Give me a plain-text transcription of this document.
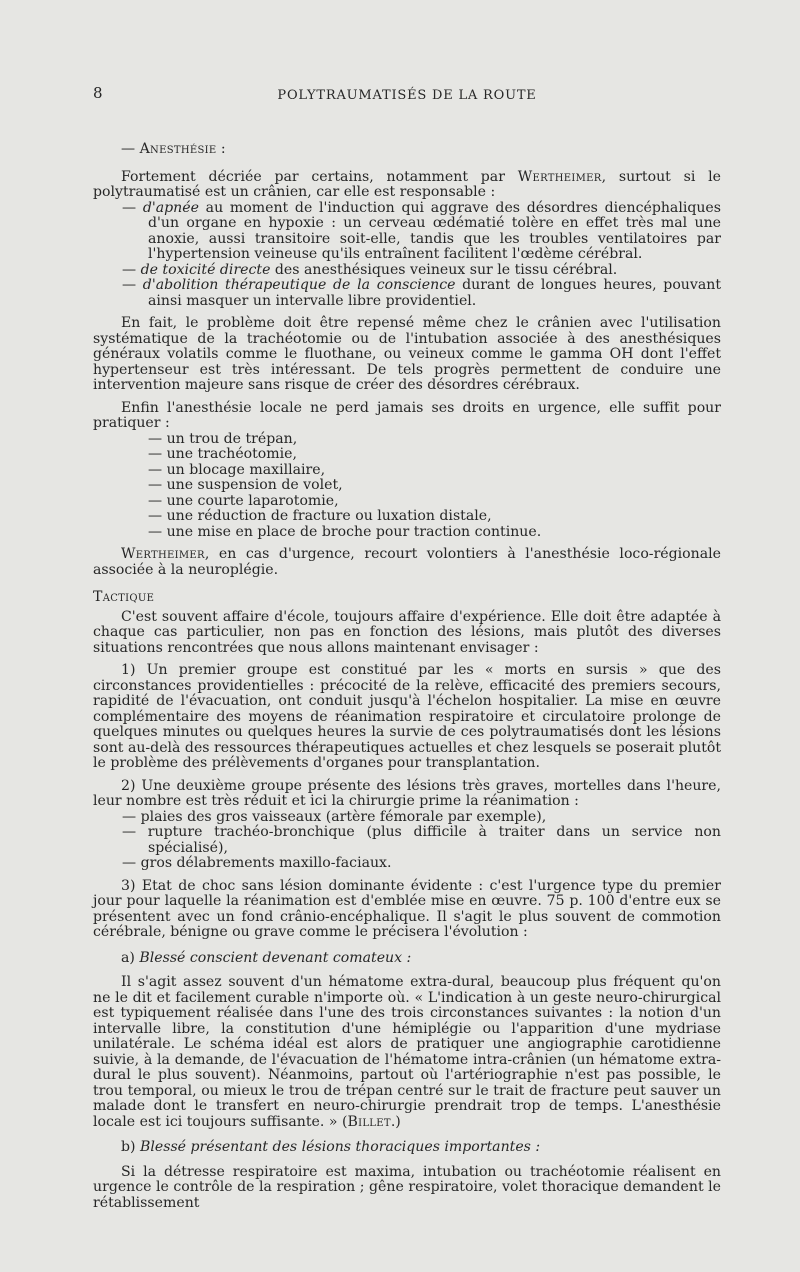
8	POLYTRAUMATISÉS DE LA ROUTE

— Anesthésie :

Fortement décriée par certains, notamment par Wertheimer, surtout si le polytraumatisé est un crânien, car elle est responsable :

— d'apnée au moment de l'induction qui aggrave des désordres diencéphaliques d'un organe en hypoxie : un cerveau œdématié tolère en effet très mal une anoxie, aussi transitoire soit-elle, tandis que les troubles ventilatoires par l'hypertension veineuse qu'ils entraînent facilitent l'œdème cérébral.

— de toxicité directe des anesthésiques veineux sur le tissu cérébral.

— d'abolition thérapeutique de la conscience durant de longues heures, pouvant ainsi masquer un intervalle libre providentiel.

En fait, le problème doit être repensé même chez le crânien avec l'utilisation systématique de la trachéotomie ou de l'intubation associée à des anesthésiques généraux volatils comme le fluothane, ou veineux comme le gamma OH dont l'effet hypertenseur est très intéressant. De tels progrès permettent de conduire une intervention majeure sans risque de créer des désordres cérébraux.

Enfin l'anesthésie locale ne perd jamais ses droits en urgence, elle suffit pour pratiquer :

— un trou de trépan,

— une trachéotomie,

— un blocage maxillaire,

— une suspension de volet,

— une courte laparotomie,

— une réduction de fracture ou luxation distale,

— une mise en place de broche pour traction continue.

Wertheimer, en cas d'urgence, recourt volontiers à l'anesthésie loco-régionale associée à la neuroplégie.

Tactique

C'est souvent affaire d'école, toujours affaire d'expérience. Elle doit être adaptée à chaque cas particulier, non pas en fonction des lésions, mais plutôt des diverses situations rencontrées que nous allons maintenant envisager :

1) Un premier groupe est constitué par les « morts en sursis » que des circonstances providentielles : précocité de la relève, efficacité des premiers secours, rapidité de l'évacuation, ont conduit jusqu'à l'échelon hospitalier. La mise en œuvre complémentaire des moyens de réanimation respiratoire et circulatoire prolonge de quelques minutes ou quelques heures la survie de ces polytraumatisés dont les lésions sont au-delà des ressources thérapeutiques actuelles et chez lesquels se poserait plutôt le problème des prélèvements d'organes pour transplantation.

2) Une deuxième groupe présente des lésions très graves, mortelles dans l'heure, leur nombre est très réduit et ici la chirurgie prime la réanimation :

— plaies des gros vaisseaux (artère fémorale par exemple),

— rupture trachéo-bronchique (plus difficile à traiter dans un service non spécialisé),

— gros délabrements maxillo-faciaux.

3) Etat de choc sans lésion dominante évidente : c'est l'urgence type du premier jour pour laquelle la réanimation est d'emblée mise en œuvre. 75 p. 100 d'entre eux se présentent avec un fond crânio-encéphalique. Il s'agit le plus souvent de commotion cérébrale, bénigne ou grave comme le précisera l'évolution :

a) Blessé conscient devenant comateux :

Il s'agit assez souvent d'un hématome extra-dural, beaucoup plus fréquent qu'on ne le dit et facilement curable n'importe où. « L'indication à un geste neuro-chirurgical est typiquement réalisée dans l'une des trois circonstances suivantes : la notion d'un intervalle libre, la constitution d'une hémiplégie ou l'apparition d'une mydriase unilatérale. Le schéma idéal est alors de pratiquer une angiographie carotidienne suivie, à la demande, de l'évacuation de l'hématome intra-crânien (un hématome extra-dural le plus souvent). Néanmoins, partout où l'artériographie n'est pas possible, le trou temporal, ou mieux le trou de trépan centré sur le trait de fracture peut sauver un malade dont le transfert en neuro-chirurgie prendrait trop de temps. L'anesthésie locale est ici toujours suffisante. » (Billet.)

b) Blessé présentant des lésions thoraciques importantes :

Si la détresse respiratoire est maxima, intubation ou trachéotomie réalisent en urgence le contrôle de la respiration ; gêne respiratoire, volet thoracique demandent le rétablissement
